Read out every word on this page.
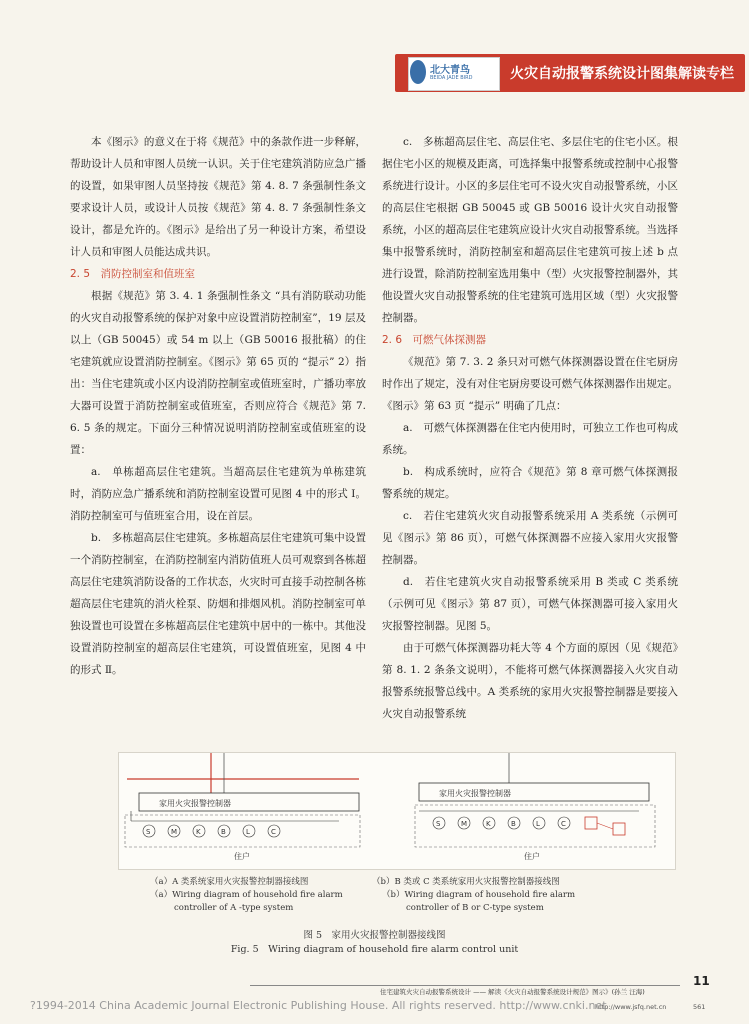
北大青鸟
BEIDA JADE BIRD	火灾自动报警系统设计图集解读专栏

本《图示》的意义在于将《规范》中的条款作进一步释解， 帮助设计人员和审图人员统一认识。关于住宅建筑消防应急广播的设置，如果审图人员坚持按《规范》第 4. 8. 7 条强制性条文要求设计人员，或设计人员按《规范》第 4. 8. 7 条强制性条文设计，都是允许的。《图示》是给出了另一种设计方案，希望设计人员和审图人员能达成共识。

2. 5　消防控制室和值班室

根据《规范》第 3. 4. 1 条强制性条文 “具有消防联动功能的火灾自动报警系统的保护对象中应设置消防控制室”，19 层及以上（GB 50045）或 54 m 以上（GB 50016 报批稿）的住宅建筑就应设置消防控制室。《图示》第 65 页的 “提示” 2）指出：当住宅建筑或小区内设消防控制室或值班室时，广播功率放大器可设置于消防控制室或值班室，否则应符合《规范》第 7. 6. 5 条的规定。下面分三种情况说明消防控制室或值班室的设置：

a.　单栋超高层住宅建筑。当超高层住宅建筑为单栋建筑时，消防应急广播系统和消防控制室设置可见图 4 中的形式 Ⅰ。消防控制室可与值班室合用，设在首层。

b.　多栋超高层住宅建筑。多栋超高层住宅建筑可集中设置一个消防控制室，在消防控制室内消防值班人员可观察到各栋超高层住宅建筑消防设备的工作状态，火灾时可直接手动控制各栋超高层住宅建筑的消火栓泵、防烟和排烟风机。消防控制室可单独设置也可设置在多栋超高层住宅建筑中居中的一栋中。其他没设置消防控制室的超高层住宅建筑，可设置值班室，见图 4 中的形式 Ⅱ。

c.　多栋超高层住宅、高层住宅、多层住宅的住宅小区。根据住宅小区的规模及距离，可选择集中报警系统或控制中心报警系统进行设计。小区的多层住宅可不设火灾自动报警系统，小区的高层住宅根据 GB 50045 或 GB 50016 设计火灾自动报警系统，小区的超高层住宅建筑应设计火灾自动报警系统。当选择集中报警系统时，消防控制室和超高层住宅建筑可按上述 b 点进行设置，除消防控制室选用集中（型）火灾报警控制器外，其他设置火灾自动报警系统的住宅建筑可选用区域（型）火灾报警控制器。

2. 6　可燃气体探测器

《规范》第 7. 3. 2 条只对可燃气体探测器设置在住宅厨房时作出了规定，没有对住宅厨房要设可燃气体探测器作出规定。《图示》第 63 页 “提示” 明确了几点：

a.　可燃气体探测器在住宅内使用时，可独立工作也可构成系统。

b.　构成系统时，应符合《规范》第 8 章可燃气体探测报警系统的规定。

c.　若住宅建筑火灾自动报警系统采用 A 类系统（示例可见《图示》第 86 页），可燃气体探测器不应接入家用火灾报警控制器。

d.　若住宅建筑火灾自动报警系统采用 B 类或 C 类系统（示例可见《图示》第 87 页），可燃气体探测器可接入家用火灾报警控制器。见图 5。

由于可燃气体探测器功耗大等 4 个方面的原因（见《规范》第 8. 1. 2 条条文说明），不能将可燃气体探测器接入火灾自动报警系统报警总线中。A 类系统的家用火灾报警控制器是要接入火灾自动报警系统

家用火灾报警控制器
S	M	K	B	L	C
住户
家用火灾报警控制器
S	M	K	B	L	C
住户

（a）A 类系统家用火灾报警控制器接线图

（a）Wiring diagram of household fire alarm

controller of A -type system

（b）B 类或 C 类系统家用火灾报警控制器接线图

（b）Wiring diagram of household fire alarm

controller of B or C-type system

图 5　家用火灾报警控制器接线图

Fig. 5　Wiring diagram of household fire alarm control unit

11
住宅建筑火灾自动报警系统设计 —— 解读《火灾自动报警系统设计规范》图示》(孙兰 汪海)
http://www.jsfq.net.cn	561
?1994-2014 China Academic Journal Electronic Publishing House. All rights reserved. http://www.cnki.net
